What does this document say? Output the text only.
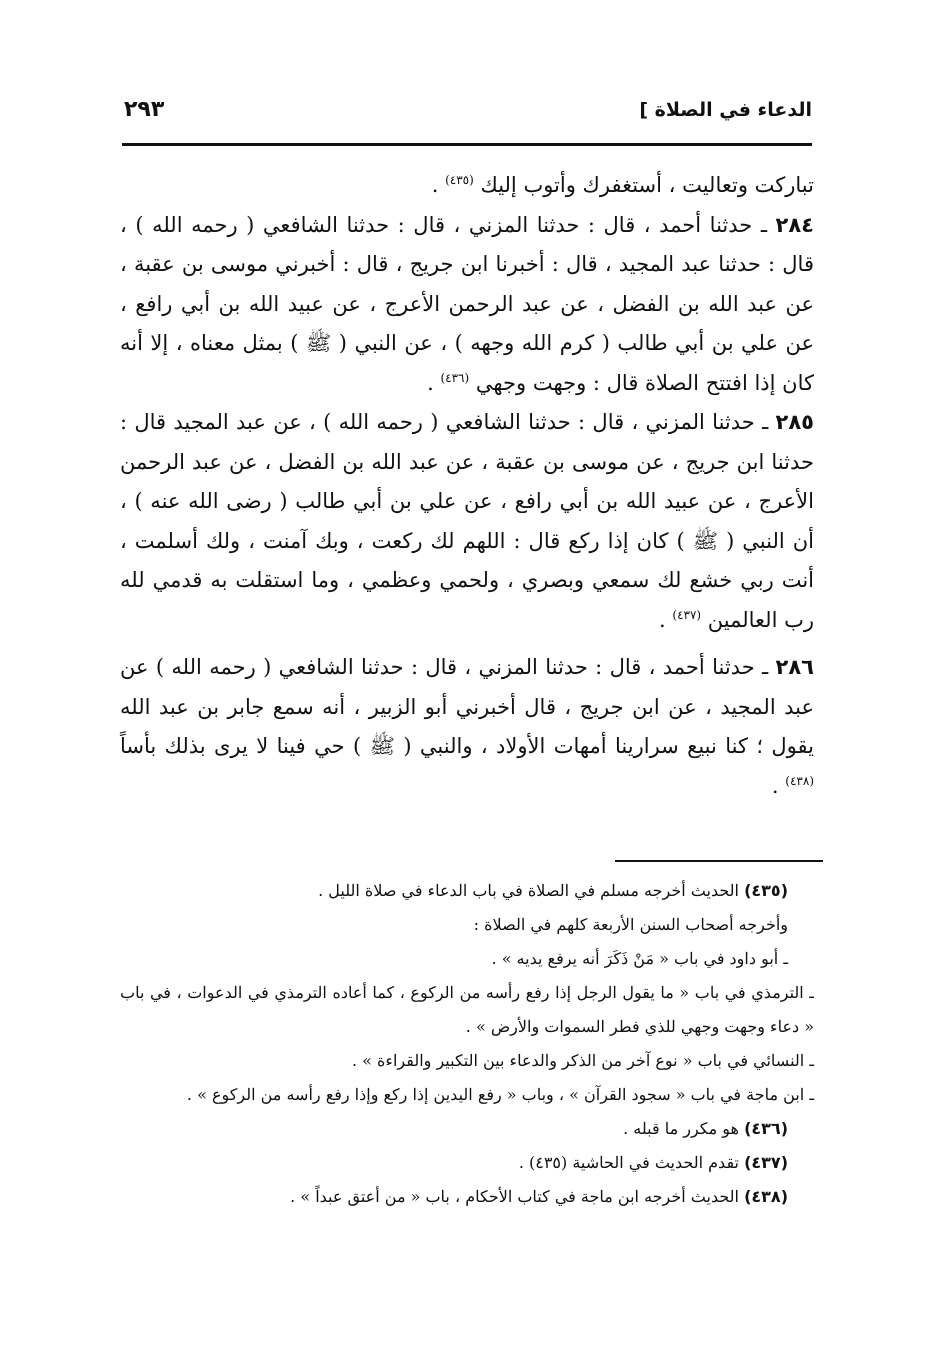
الدعاء في الصلاة ]
٢٩٣

تباركت وتعاليت ، أستغفرك وأتوب إليك $^{(٤٣٥)}$ .

٢٨٤ ـ حدثنا أحمد ، قال : حدثنا المزني ، قال : حدثنا الشافعي ( رحمه الله ) ، قال : حدثنا عبد المجيد ، قال : أخبرنا ابن جريج ، قال : أخبرني موسى بن عقبة ، عن عبد الله بن الفضل ، عن عبد الرحمن الأعرج ، عن عبيد الله بن أبي رافع ، عن علي بن أبي طالب ( كرم الله وجهه ) ، عن النبي ( ﷺ ) بمثل معناه ، إلا أنه كان إذا افتتح الصلاة قال : وجهت وجهي $^{(٤٣٦)}$ .

٢٨٥ ـ حدثنا المزني ، قال : حدثنا الشافعي ( رحمه الله ) ، عن عبد المجيد قال : حدثنا ابن جريج ، عن موسى بن عقبة ، عن عبد الله بن الفضل ، عن عبد الرحمن الأعرج ، عن عبيد الله بن أبي رافع ، عن علي بن أبي طالب ( رضى الله عنه ) ، أن النبي ( ﷺ ) كان إذا ركع قال : اللهم لك ركعت ، وبك آمنت ، ولك أسلمت ، أنت ربي خشع لك سمعي وبصري ، ولحمي وعظمي ، وما استقلت به قدمي لله رب العالمين $^{(٤٣٧)}$ .

٢٨٦ ـ حدثنا أحمد ، قال : حدثنا المزني ، قال : حدثنا الشافعي ( رحمه الله ) عن عبد المجيد ، عن ابن جريج ، قال أخبرني أبو الزبير ، أنه سمع جابر بن عبد الله يقول ؛ كنا نبيع سرارينا أمهات الأولاد ، والنبي ( ﷺ ) حي فينا لا يرى بذلك بأساً $^{(٤٣٨)}$ .

(٤٣٥) الحديث أخرجه مسلم في الصلاة في باب الدعاء في صلاة الليل .

وأخرجه أصحاب السنن الأربعة كلهم في الصلاة :

ـ أبو داود في باب « مَنْ ذَكَرَ أنه يرفع يديه » .

ـ الترمذي في باب « ما يقول الرجل إذا رفع رأسه من الركوع ، كما أعاده الترمذي في الدعوات ، في باب « دعاء وجهت وجهي للذي فطر السموات والأرض » .

ـ النسائي في باب « نوع آخر من الذكر والدعاء بين التكبير والقراءة » .

ـ ابن ماجة في باب « سجود القرآن » ، وباب « رفع اليدين إذا ركع وإذا رفع رأسه من الركوع » .

(٤٣٦) هو مكرر ما قبله .

(٤٣٧) تقدم الحديث في الحاشية (٤٣٥) .

(٤٣٨) الحديث أخرجه ابن ماجة في كتاب الأحكام ، باب « من أعتق عبداً » .
